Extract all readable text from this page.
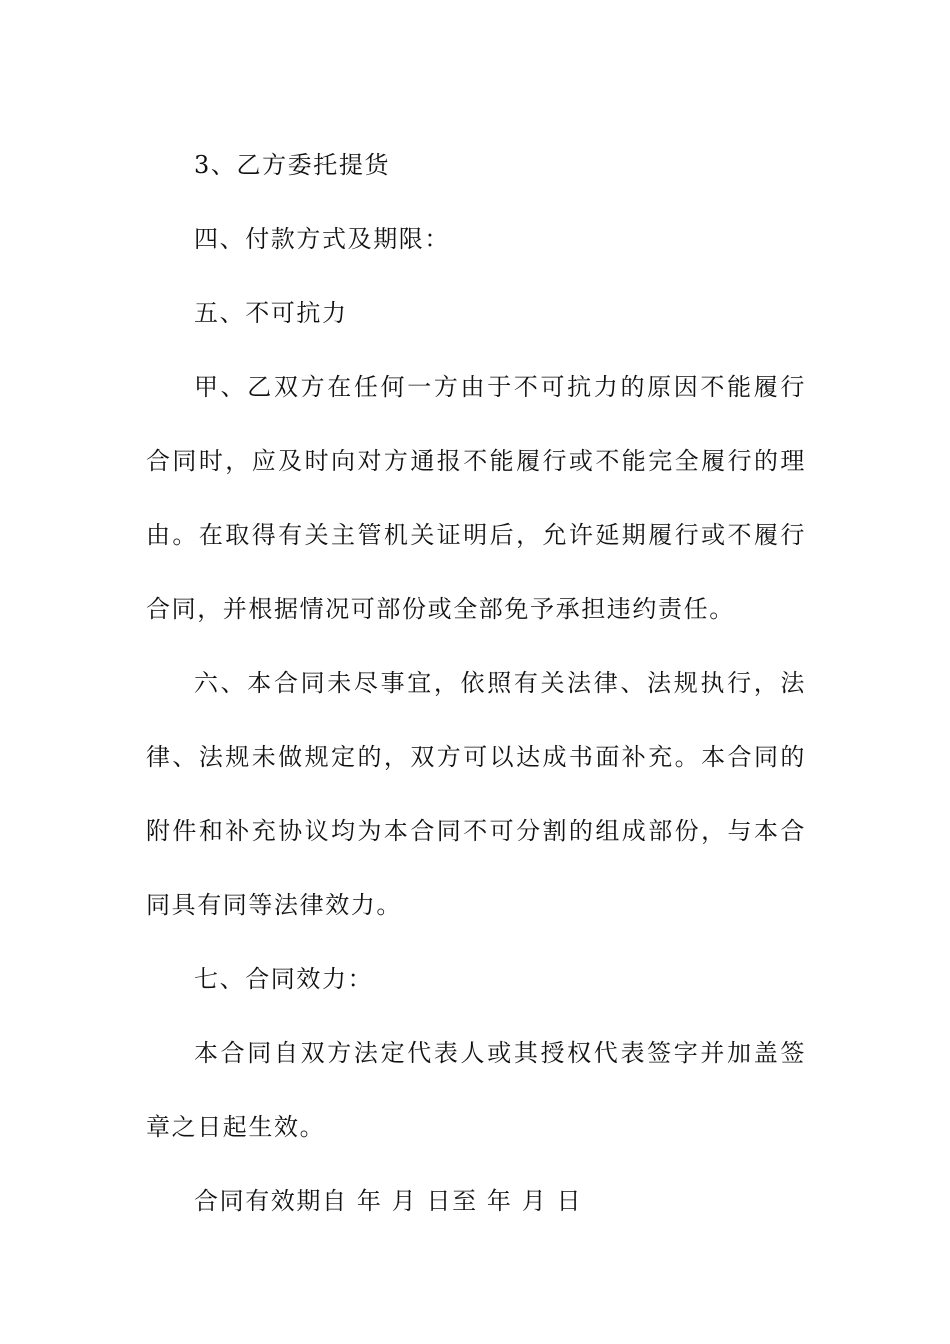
3、乙方委托提货

四、付款方式及期限：

五、不可抗力

甲、乙双方在任何一方由于不可抗力的原因不能履行合同时，应及时向对方通报不能履行或不能完全履行的理由。在取得有关主管机关证明后，允许延期履行或不履行合同，并根据情况可部份或全部免予承担违约责任。

六、本合同未尽事宜，依照有关法律、法规执行，法律、法规未做规定的，双方可以达成书面补充。本合同的附件和补充协议均为本合同不可分割的组成部份，与本合同具有同等法律效力。

七、合同效力：

本合同自双方法定代表人或其授权代表签字并加盖签章之日起生效。

合同有效期自 年 月 日至 年 月 日
